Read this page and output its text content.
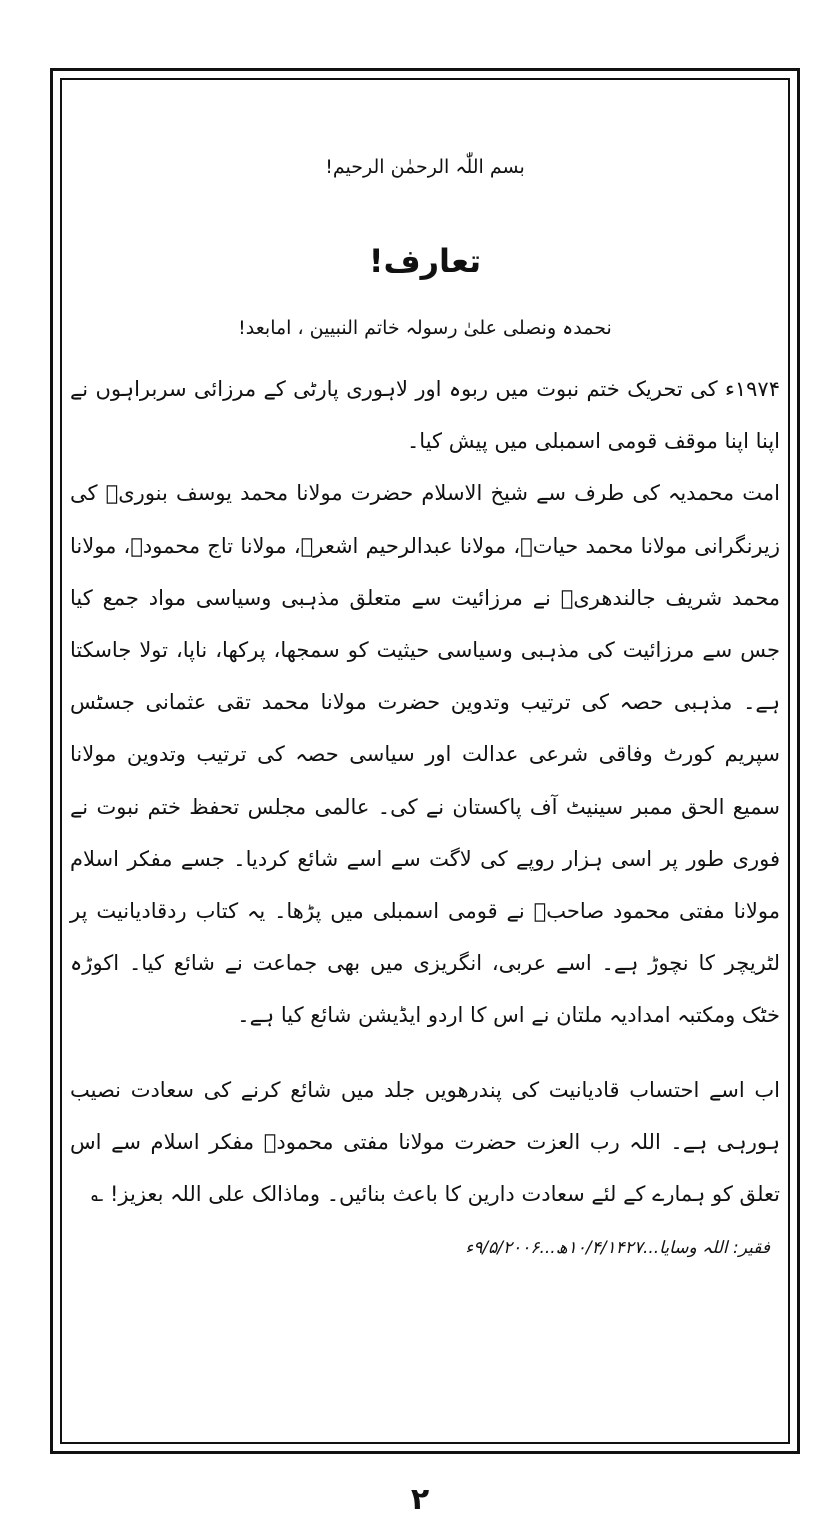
بسم اللّٰہ الرحمٰن الرحیم!
تعارف!
نحمدہ ونصلی علیٰ رسولہ خاتم النبیین ، امابعد!

۱۹۷۴ء کی تحریک ختم نبوت میں ربوہ اور لاہوری پارٹی کے مرزائی سربراہوں نے اپنا اپنا موقف قومی اسمبلی میں پیش کیا۔

امت محمدیہ کی طرف سے شیخ الاسلام حضرت مولانا محمد یوسف بنوریؒ کی زیرنگرانی مولانا محمد حیاتؒ، مولانا عبدالرحیم اشعرؒ، مولانا تاج محمودؒ، مولانا محمد شریف جالندھریؒ نے مرزائیت سے متعلق مذہبی وسیاسی مواد جمع کیا جس سے مرزائیت کی مذہبی وسیاسی حیثیت کو سمجھا، پرکھا، ناپا، تولا جاسکتا ہے۔ مذہبی حصہ کی ترتیب وتدوین حضرت مولانا محمد تقی عثمانی جسٹس سپریم کورٹ وفاقی شرعی عدالت اور سیاسی حصہ کی ترتیب وتدوین مولانا سمیع الحق ممبر سینیٹ آف پاکستان نے کی۔ عالمی مجلس تحفظ ختم نبوت نے فوری طور پر اسی ہزار روپے کی لاگت سے اسے شائع کردیا۔ جسے مفکر اسلام مولانا مفتی محمود صاحبؒ نے قومی اسمبلی میں پڑھا۔ یہ کتاب ردقادیانیت پر لٹریچر کا نچوڑ ہے۔ اسے عربی، انگریزی میں بھی جماعت نے شائع کیا۔ اکوڑہ خٹک ومکتبہ امدادیہ ملتان نے اس کا اردو ایڈیشن شائع کیا ہے۔

اب اسے احتساب قادیانیت کی پندرھویں جلد میں شائع کرنے کی سعادت نصیب ہورہی ہے۔ اللہ رب العزت حضرت مولانا مفتی محمودؒ مفکر اسلام سے اس تعلق کو ہمارے کے لئے سعادت دارین کا باعث بنائیں۔ وماذالک علی اللہ بعزیز! ؎

فقیر: اللہ وسایا...۱۰/۴/۱۴۲۷ھ...۹/۵/۲۰۰۶ء
۲
